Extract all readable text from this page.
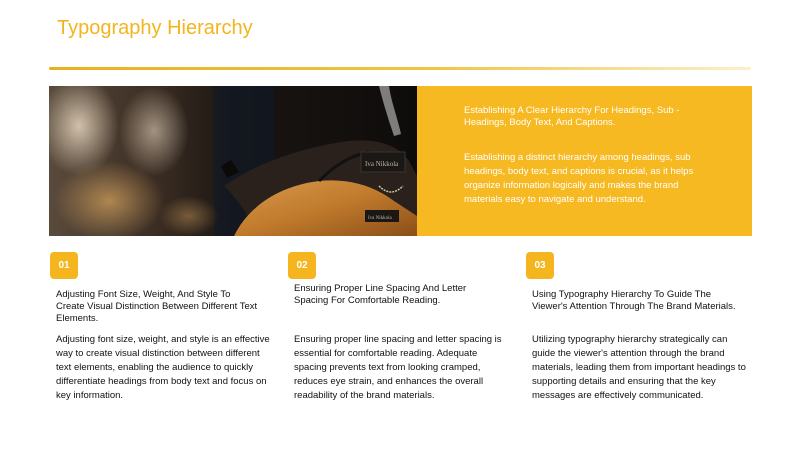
Typography Hierarchy
Iva Nikkola
Iva Nikkola

Establishing A Clear Hierarchy For Headings, Sub - Headings, Body Text, And Captions.

Establishing a distinct hierarchy among headings, sub headings, body text, and captions is crucial, as it helps organize information logically and makes the brand materials easy to navigate and understand.

01

Adjusting Font Size, Weight, And Style To Create Visual Distinction Between Different Text Elements.

Adjusting font size, weight, and style is an effective way to create visual distinction between different text elements, enabling the audience to quickly differentiate headings from body text and focus on key information.

02

Ensuring Proper Line Spacing And Letter Spacing For Comfortable Reading.

Ensuring proper line spacing and letter spacing is essential for comfortable reading. Adequate spacing prevents text from looking cramped, reduces eye strain, and enhances the overall readability of the brand materials.

03

Using Typography Hierarchy To Guide The Viewer's Attention Through The Brand Materials.

Utilizing typography hierarchy strategically can guide the viewer's attention through the brand materials, leading them from important headings to supporting details and ensuring that the key messages are effectively communicated.
